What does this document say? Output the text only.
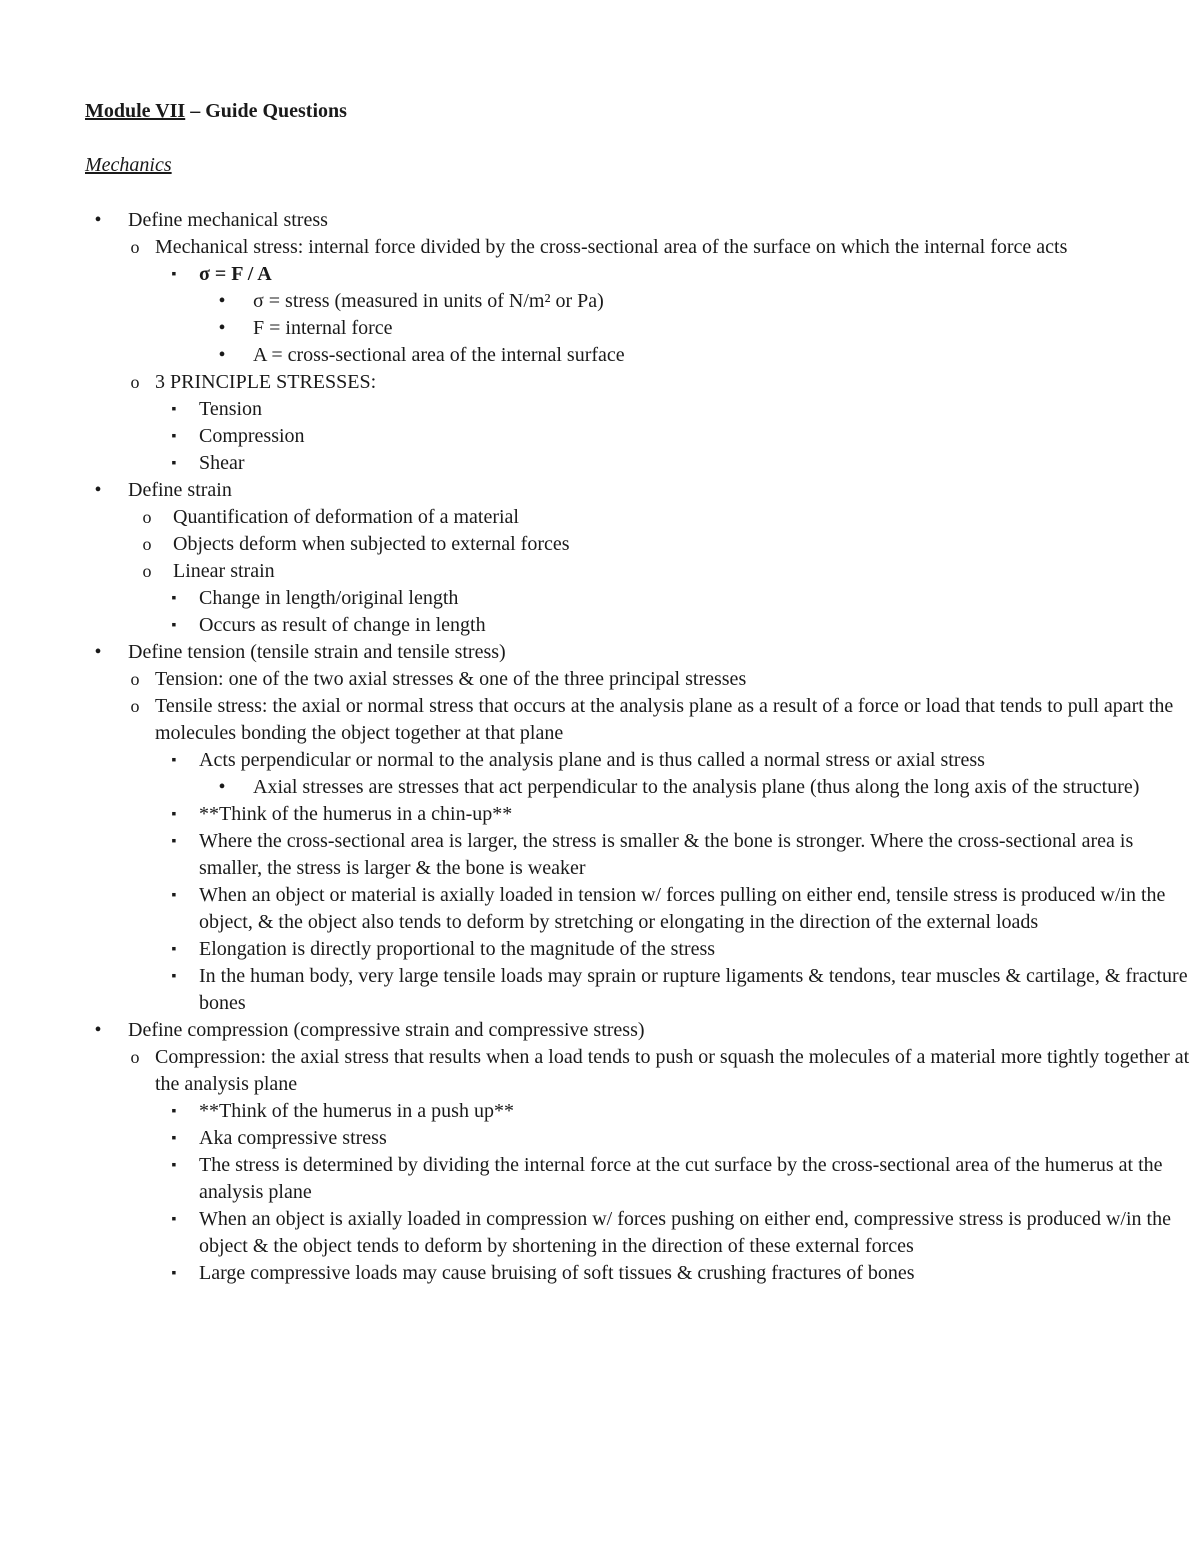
Module VII – Guide Questions
Mechanics
•	Define mechanical stress
o Mechanical stress: internal force divided by the cross-sectional area of the surface on which the internal force acts
▪	σ = F / A
•	σ = stress (measured in units of N/m² or Pa)
•	F = internal force
•	A = cross-sectional area of the internal surface
o 3 PRINCIPLE STRESSES:
▪	Tension
▪	Compression
▪	Shear
•	Define strain
o Quantification of deformation of a material
o Objects deform when subjected to external forces
o Linear strain
▪	Change in length/original length
▪	Occurs as result of change in length
•	Define tension (tensile strain and tensile stress)
o Tension: one of the two axial stresses & one of the three principal stresses
o Tensile stress: the axial or normal stress that occurs at the analysis plane as a result of a force or load that tends to pull apart the molecules bonding the object together at that plane
▪	Acts perpendicular or normal to the analysis plane and is thus called a normal stress or axial stress
•	Axial stresses are stresses that act perpendicular to the analysis plane (thus along the long axis of the structure)
▪	**Think of the humerus in a chin-up**
▪	Where the cross-sectional area is larger, the stress is smaller & the bone is stronger. Where the cross-sectional area is smaller, the stress is larger & the bone is weaker
▪	When an object or material is axially loaded in tension w/ forces pulling on either end, tensile stress is produced w/in the object, & the object also tends to deform by stretching or elongating in the direction of the external loads
▪	Elongation is directly proportional to the magnitude of the stress
▪	In the human body, very large tensile loads may sprain or rupture ligaments & tendons, tear muscles & cartilage, & fracture bones
•	Define compression (compressive strain and compressive stress)
o Compression: the axial stress that results when a load tends to push or squash the molecules of a material more tightly together at the analysis plane
▪	**Think of the humerus in a push up**
▪	Aka compressive stress
▪	The stress is determined by dividing the internal force at the cut surface by the cross-sectional area of the humerus at the analysis plane
▪	When an object is axially loaded in compression w/ forces pushing on either end, compressive stress is produced w/in the object & the object tends to deform by shortening in the direction of these external forces
▪	Large compressive loads may cause bruising of soft tissues & crushing fractures of bones
